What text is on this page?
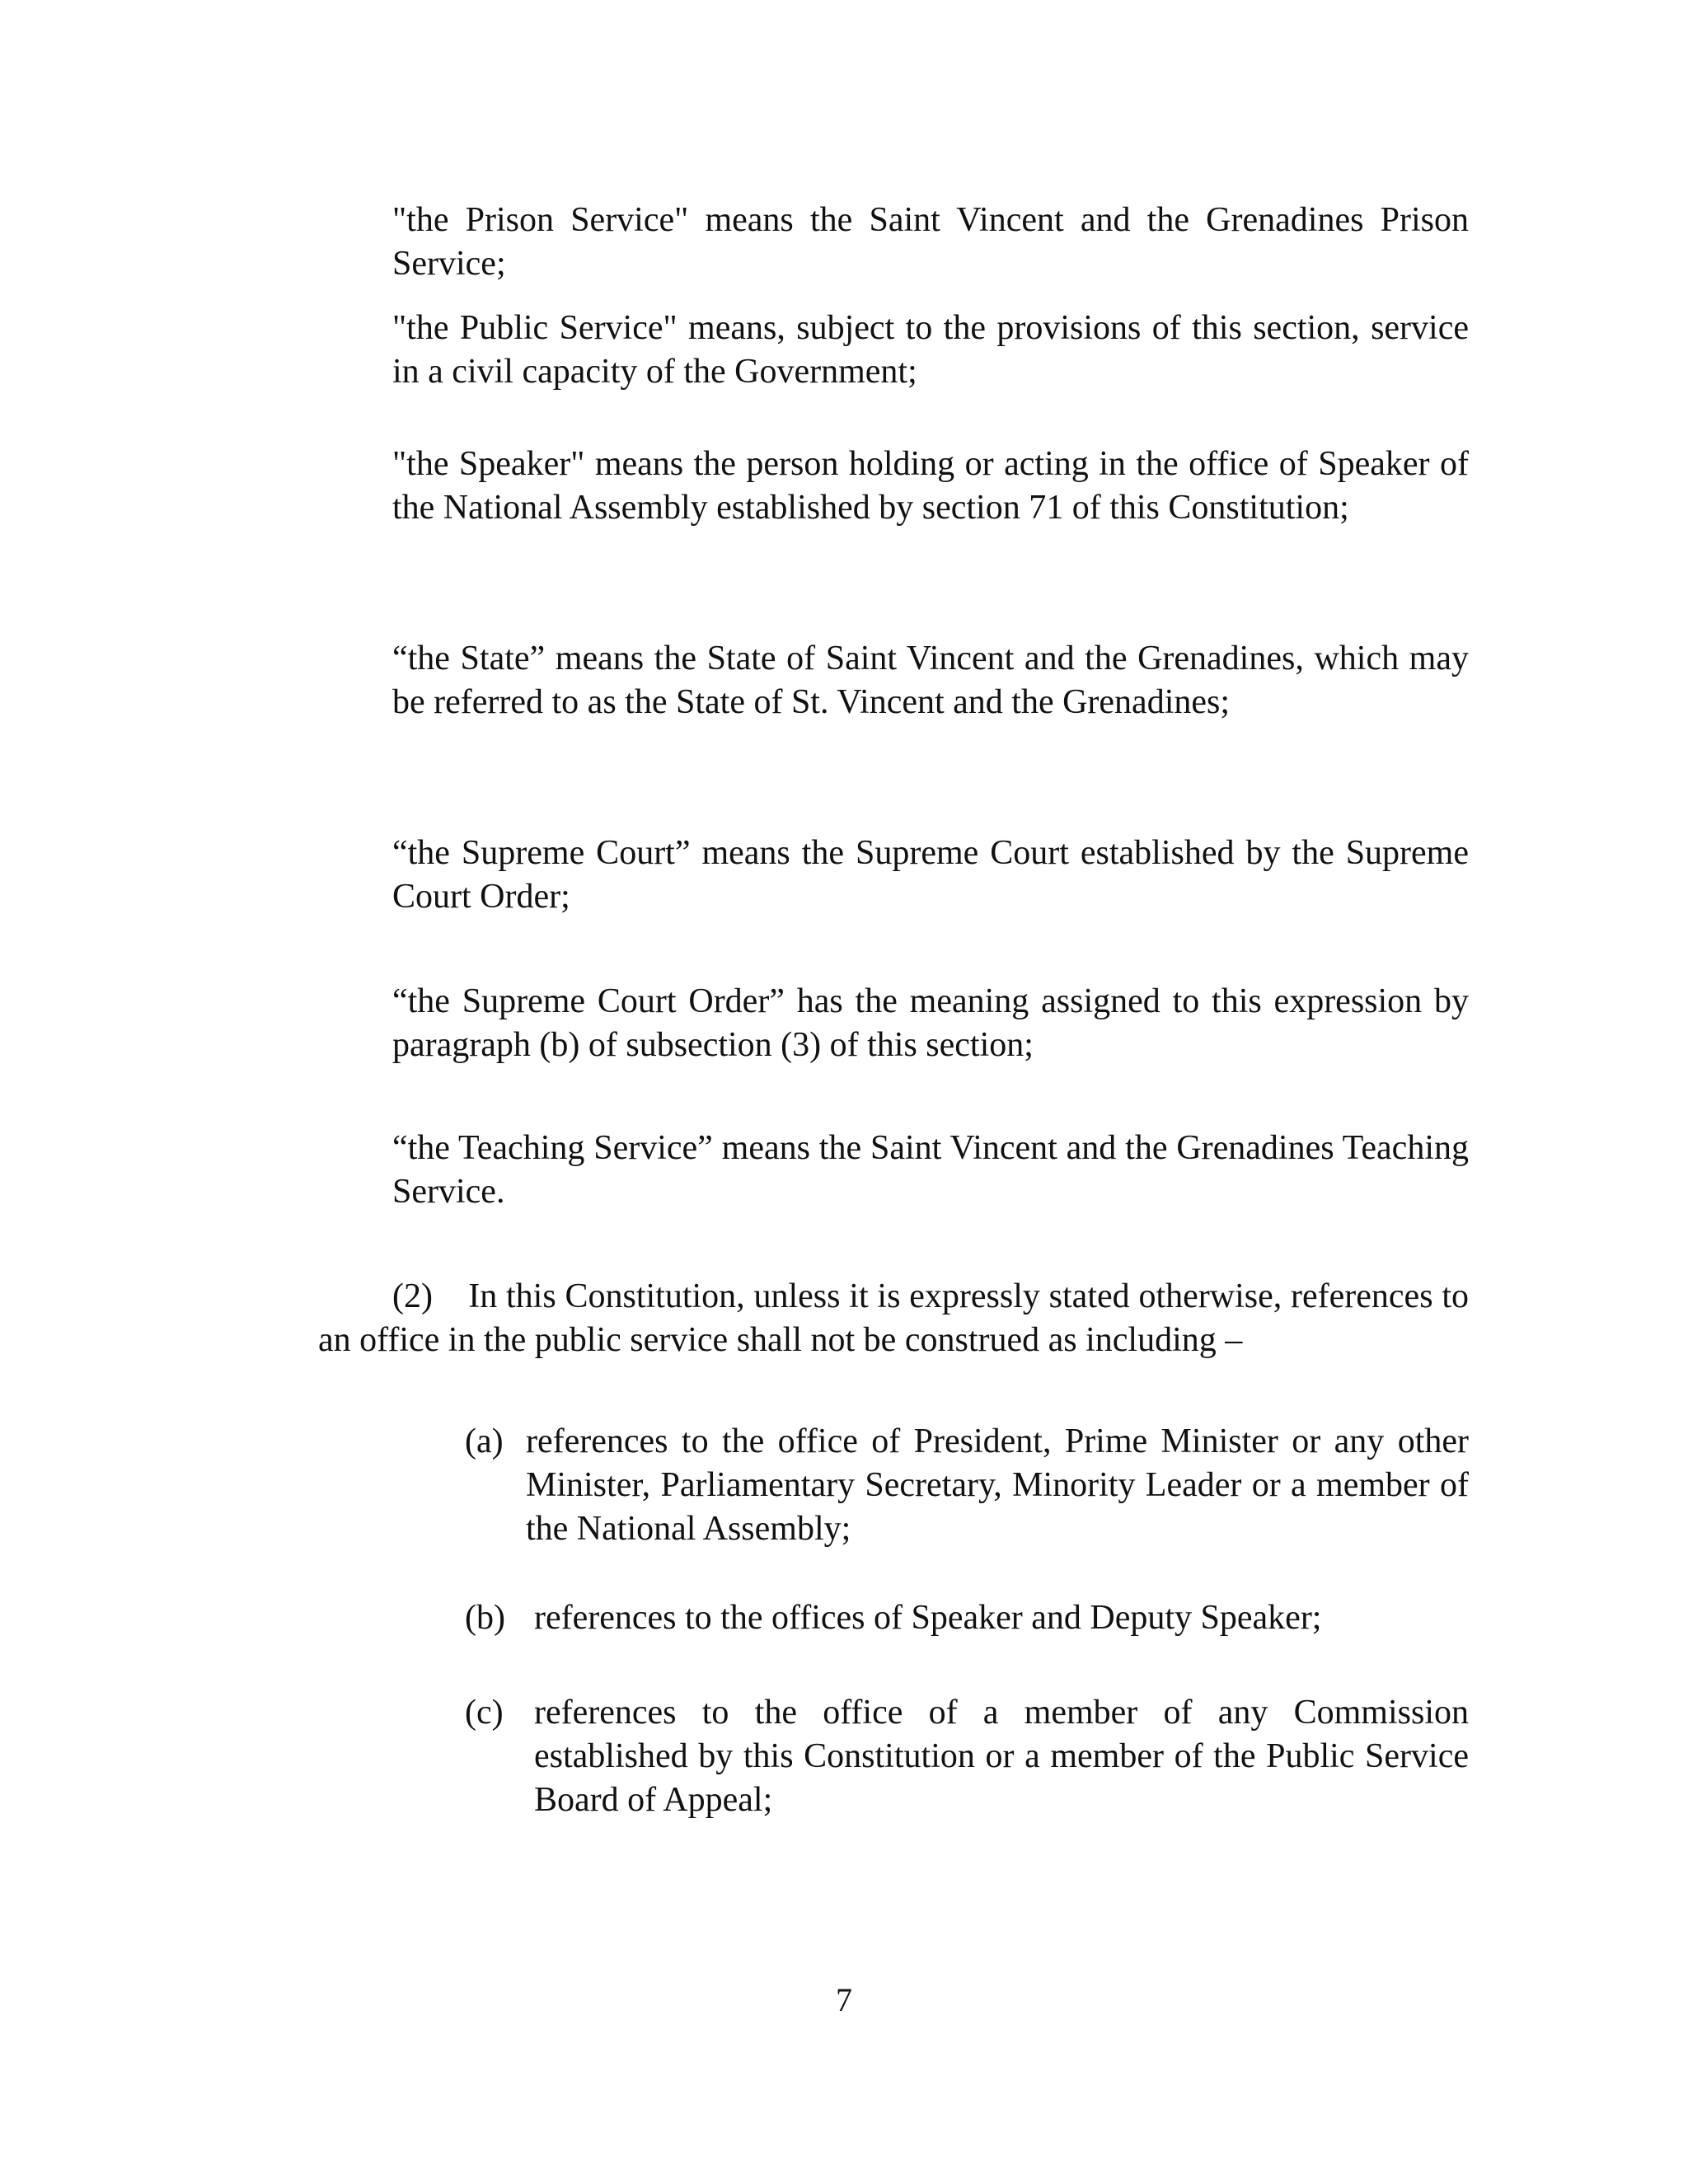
"the Prison Service" means the Saint Vincent and the Grenadines Prison Service;

"the Public Service" means, subject to the provisions of this section, service in a civil capacity of the Government;

"the Speaker" means the person holding or acting in the office of Speaker of the National Assembly established by section 71 of this Constitution;

“the State” means the State of Saint Vincent and the Grenadines, which may be referred to as the State of St. Vincent and the Grenadines;

“the Supreme Court” means the Supreme Court established by the Supreme Court Order;

“the Supreme Court Order” has the meaning assigned to this expression by paragraph (b) of subsection (3) of this section;

“the Teaching Service” means the Saint Vincent and the Grenadines Teaching Service.

(2) In this Constitution, unless it is expressly stated otherwise, references to an office in the public service shall not be construed as including –

(a) references to the office of President, Prime Minister or any other Minister, Parliamentary Secretary, Minority Leader or a member of the National Assembly;
(b) references to the offices of Speaker and Deputy Speaker;
(c) references to the office of a member of any Commission established by this Constitution or a member of the Public Service Board of Appeal;
7
